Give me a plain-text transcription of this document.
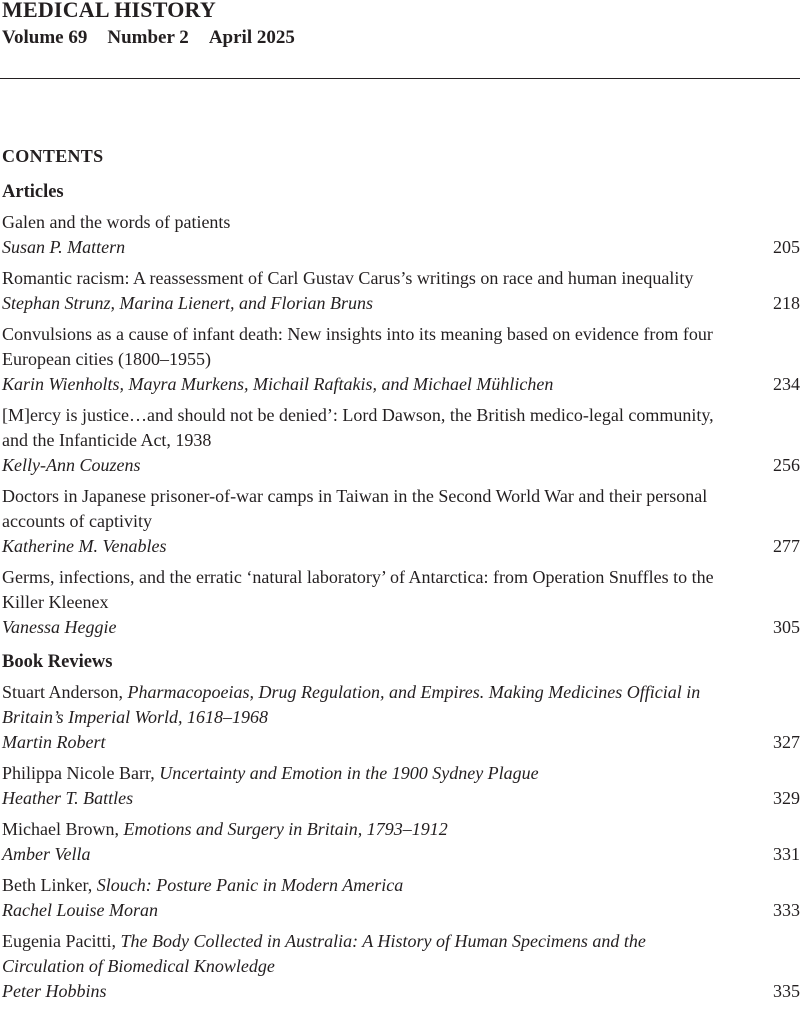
MEDICAL HISTORY
Volume 69 Number 2 April 2025
CONTENTS
Articles
Galen and the words of patients
Susan P. Mattern	205
Romantic racism: A reassessment of Carl Gustav Carus’s writings on race and human inequality
Stephan Strunz, Marina Lienert, and Florian Bruns	218
Convulsions as a cause of infant death: New insights into its meaning based on evidence from four European cities (1800–1955)
Karin Wienholts, Mayra Murkens, Michail Raftakis, and Michael Mühlichen	234
[M]ercy is justice…and should not be denied’: Lord Dawson, the British medico-legal community, and the Infanticide Act, 1938
Kelly-Ann Couzens	256
Doctors in Japanese prisoner-of-war camps in Taiwan in the Second World War and their personal accounts of captivity
Katherine M. Venables	277
Germs, infections, and the erratic ‘natural laboratory’ of Antarctica: from Operation Snuffles to the Killer Kleenex
Vanessa Heggie	305
Book Reviews
Stuart Anderson, Pharmacopoeias, Drug Regulation, and Empires. Making Medicines Official in Britain’s Imperial World, 1618–1968
Martin Robert	327
Philippa Nicole Barr, Uncertainty and Emotion in the 1900 Sydney Plague
Heather T. Battles	329
Michael Brown, Emotions and Surgery in Britain, 1793–1912
Amber Vella	331
Beth Linker, Slouch: Posture Panic in Modern America
Rachel Louise Moran	333
Eugenia Pacitti, The Body Collected in Australia: A History of Human Specimens and the Circulation of Biomedical Knowledge
Peter Hobbins	335
